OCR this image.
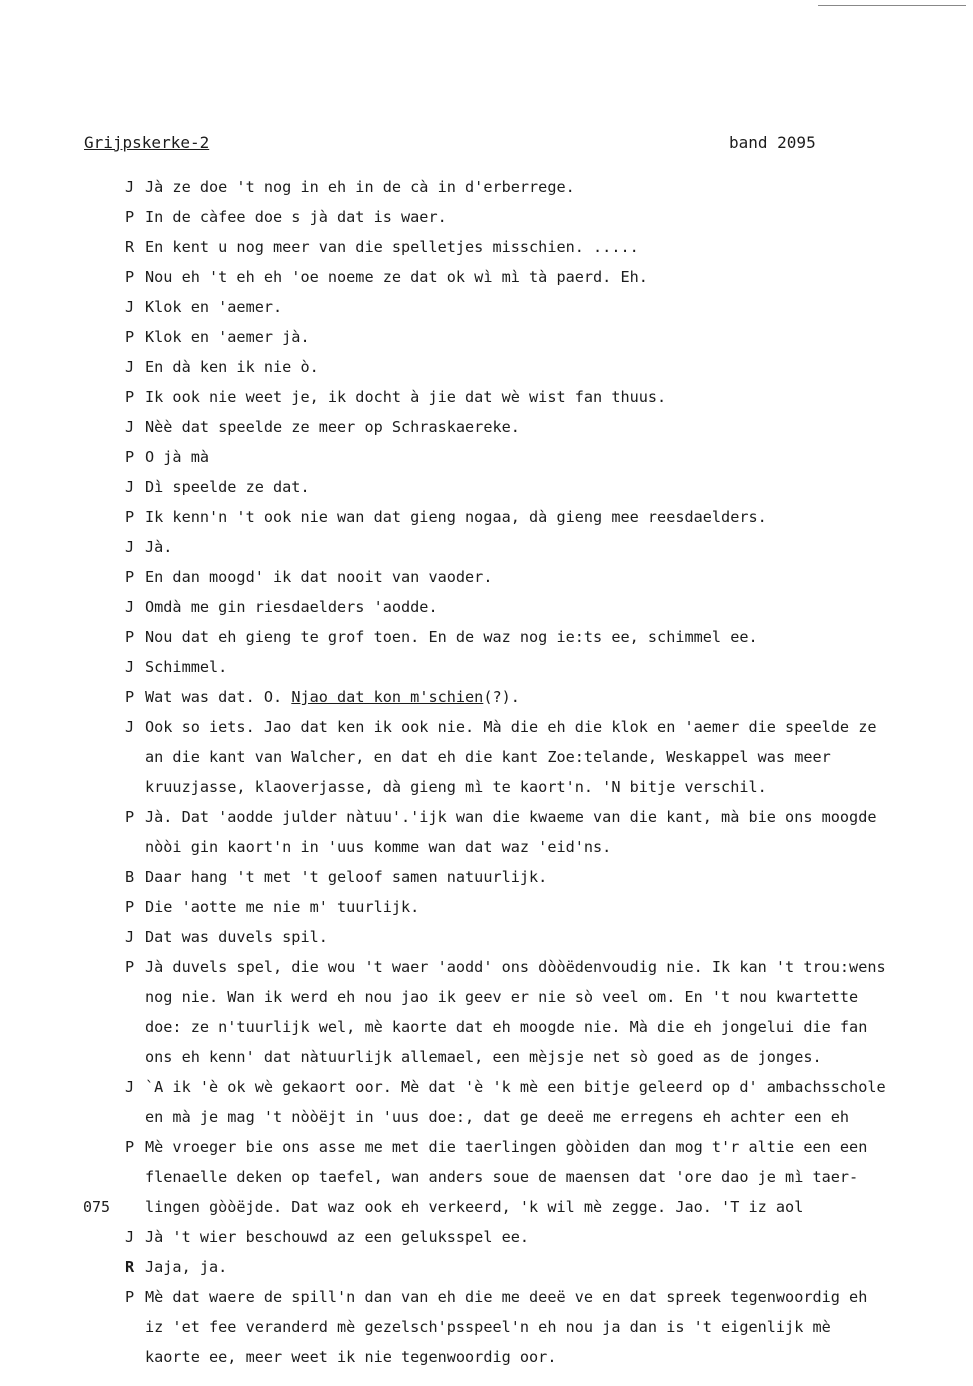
Grijpskerke-2	band 2095
J Jà ze doe 't nog in eh in de cà in d'erberrege.
P In de càfee doe s jà dat is waer.
R En kent u nog meer van die spelletjes misschien. .....
P Nou eh 't eh eh 'oe noeme ze dat ok wì mì tà paerd. Eh.
J Klok en 'aemer.
P Klok en 'aemer jà.
J En dà ken ik nie ò.
P Ik ook nie weet je, ik docht à jie dat wè wist fan thuus.
J Nèè dat speelde ze meer op Schraskaereke.
P O jà mà
J Dì speelde ze dat.
P Ik kenn'n 't ook nie wan dat gieng nogaa, dà gieng mee reesdaelders.
J Jà.
P En dan moogd' ik dat nooit van vaoder.
J Omdà me gin riesdaelders 'aodde.
P Nou dat eh gieng te grof toen. En de waz nog ie:ts ee, schimmel ee.
J Schimmel.
P Wat was dat. O. Njao dat kon m'schien(?).
J Ook so iets. Jao dat ken ik ook nie. Mà die eh die klok en 'aemer die speelde ze
an die kant van Walcher, en dat eh die kant Zoe:telande, Weskappel was meer
kruuzjasse, klaoverjasse, dà gieng mì te kaort'n. 'N bitje verschil.
P Jà. Dat 'aodde julder nàtuu'.'ijk wan die kwaeme van die kant, mà bie ons moogde
nòòi gin kaort'n in 'uus komme wan dat waz 'eid'ns.
B Daar hang 't met 't geloof samen natuurlijk.
P Die 'aotte me nie m' tuurlijk.
J Dat was duvels spil.
P Jà duvels spel, die wou 't waer 'aodd' ons dòòëdenvoudig nie. Ik kan 't trou:wens
nog nie. Wan ik werd eh nou jao ik geev er nie sò veel om. En 't nou kwartette
doe: ze n'tuurlijk wel, mè kaorte dat eh moogde nie. Mà die eh jongelui die fan
ons eh kenn' dat nàtuurlijk allemael, een mèjsje net sò goed as de jonges.
J `A ik 'è ok wè gekaort oor. Mè dat 'è 'k mè een bitje geleerd op d' ambachsschole
en mà je mag 't nòòëjt in 'uus doe:, dat ge deeë me erregens eh achter een eh
P Mè vroeger bie ons asse me met die taerlingen gòòiden dan mog t'r altie een een
flenaelle deken op taefel, wan anders soue de maensen dat 'ore dao je mì taer-
lingen gòòëjde. Dat waz ook eh verkeerd, 'k wil mè zegge. Jao. 'T iz aol
075
J Jà 't wier beschouwd az een geluksspel ee.
R Jaja, ja.
P Mè dat waere de spill'n dan van eh die me deeë ve en dat spreek tegenwoordig eh
iz 'et fee veranderd mè gezelsch'psspeel'n eh nou ja dan is 't eigenlijk mè
kaorte ee, meer weet ik nie tegenwoordig oor.
